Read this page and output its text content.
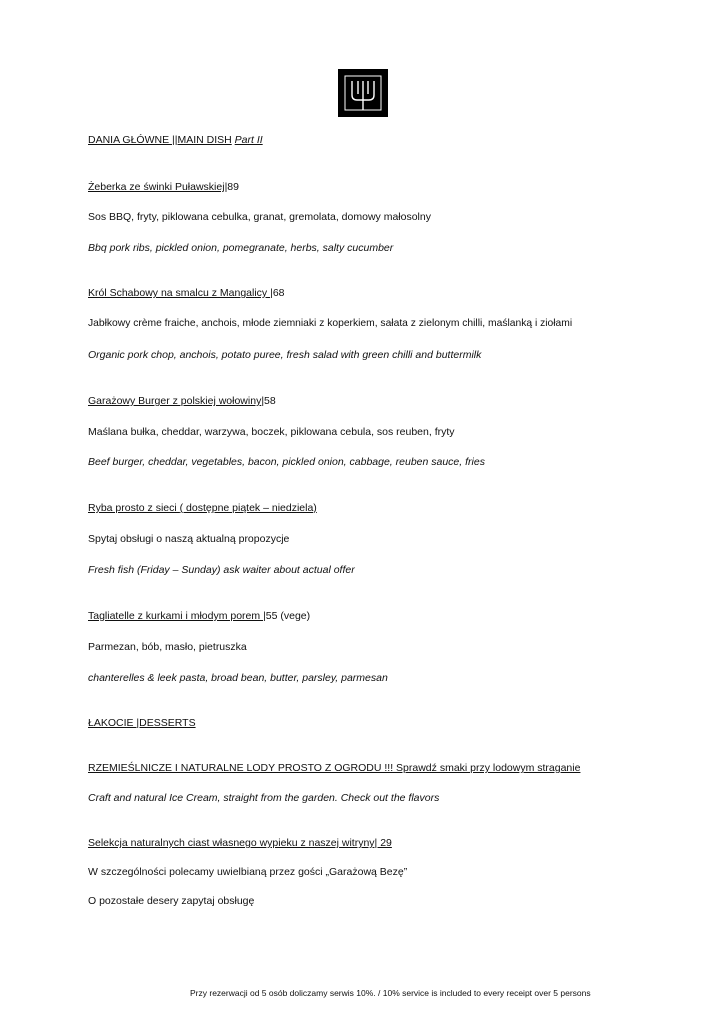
DANIA GŁÓWNE ||MAIN DISH Part II
Żeberka ze świnki Puławskiej|89
Sos BBQ, fryty, piklowana cebulka, granat, gremolata, domowy małosolny
Bbq pork ribs, pickled onion, pomegranate, herbs, salty cucumber
Król Schabowy na smalcu z Mangalicy |68
Jabłkowy crème fraiche, anchois, młode ziemniaki z koperkiem, sałata z zielonym chilli, maślanką i ziołami
Organic pork chop, anchois, potato puree, fresh salad with green chilli and buttermilk
Garażowy Burger z polskiej wołowiny|58
Maślana bułka, cheddar, warzywa, boczek, piklowana cebula, sos reuben, fryty
Beef burger, cheddar, vegetables, bacon, pickled onion, cabbage, reuben sauce, fries
Ryba prosto z sieci ( dostępne piątek – niedziela)
Spytaj obsługi o naszą aktualną propozycje
Fresh fish (Friday – Sunday) ask waiter about actual offer
Tagliatelle z kurkami i młodym porem |55 (vege)
Parmezan, bób, masło, pietruszka
chanterelles & leek pasta, broad bean, butter, parsley, parmesan
ŁAKOCIE |DESSERTS
RZEMIEŚLNICZE I NATURALNE LODY PROSTO Z OGRODU !!! Sprawdź smaki przy lodowym straganie
Craft and natural Ice Cream, straight from the garden. Check out the flavors
Selekcja naturalnych ciast własnego wypieku z naszej witryny| 29
W szczególności polecamy uwielbianą przez gości „Garażową Bezę”
O pozostałe desery zapytaj obsługę
Przy rezerwacji od 5 osób doliczamy serwis 10%. / 10% service is included to every receipt over 5 persons
